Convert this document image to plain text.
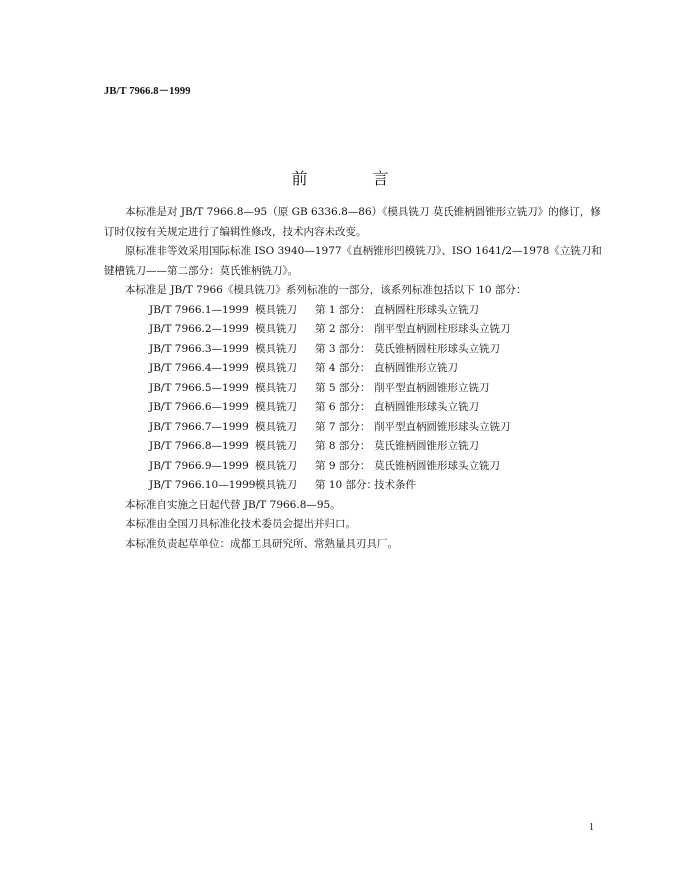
JB/T 7966.8－1999
前 言

本标准是对 JB/T 7966.8—95（原 GB 6336.8—86）《模具铣刀 莫氏锥柄圆锥形立铣刀》的修订，修订时仅按有关规定进行了编辑性修改，技术内容未改变。

原标准非等效采用国际标准 ISO 3940—1977《直柄锥形凹模铣刀》、ISO 1641/2—1978《立铣刀和键槽铣刀——第二部分：莫氏锥柄铣刀》。

本标准是 JB/T 7966《模具铣刀》系列标准的一部分，该系列标准包括以下 10 部分：

JB/T 7966.1—1999 模具铣刀 第 1 部分： 直柄圆柱形球头立铣刀
JB/T 7966.2—1999 模具铣刀 第 2 部分： 削平型直柄圆柱形球头立铣刀
JB/T 7966.3—1999 模具铣刀 第 3 部分： 莫氏锥柄圆柱形球头立铣刀
JB/T 7966.4—1999 模具铣刀 第 4 部分： 直柄圆锥形立铣刀
JB/T 7966.5—1999 模具铣刀 第 5 部分： 削平型直柄圆锥形立铣刀
JB/T 7966.6—1999 模具铣刀 第 6 部分： 直柄圆锥形球头立铣刀
JB/T 7966.7—1999 模具铣刀 第 7 部分： 削平型直柄圆锥形球头立铣刀
JB/T 7966.8—1999 模具铣刀 第 8 部分： 莫氏锥柄圆锥形立铣刀
JB/T 7966.9—1999 模具铣刀 第 9 部分： 莫氏锥柄圆锥形球头立铣刀
JB/T 7966.10—1999模具铣刀 第 10 部分：技术条件

本标准自实施之日起代替 JB/T 7966.8—95。

本标准由全国刀具标准化技术委员会提出并归口。

本标准负责起草单位：成都工具研究所、常熟量具刃具厂。

1
